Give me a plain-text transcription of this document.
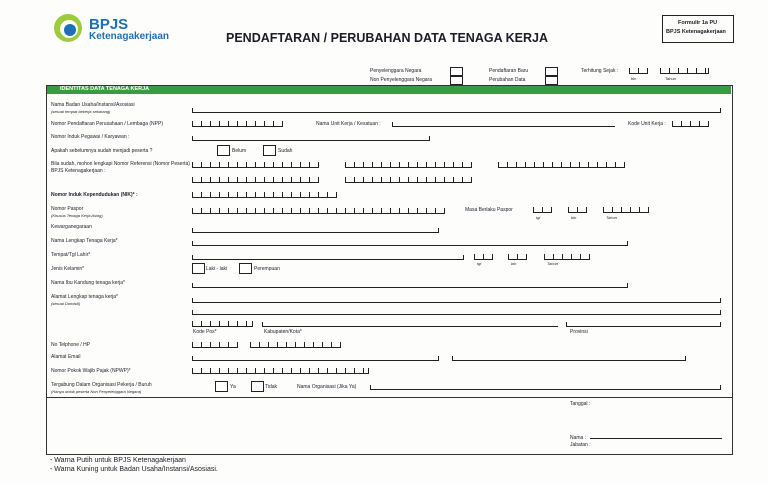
BPJS
Ketenagakerjaan	PENDAFTARAN / PERUBAHAN DATA TENAGA KERJA
Formulir 1a PU
BPJS Ketenagakerjaan
Penyelenggara Negara
Non Penyelenggara Negara
Pendaftaran Baru
Perubahan Data
Terhitung Sejak :
bln	Tahun
IDENTITAS DATA TENAGA KERJA
Nama Badan Usaha/Instansi/Asosiasi
(sesuai tempat bekerja sekarang)
Nomor Pendaftaran Perusahaan / Lembaga (NPP)	Nama Unit Kerja / Kesatuan :	Kode Unit Kerja :
Nomor Induk Pegawai / Karyawan :
Apakah sebelumnya sudah menjadi peserta ?	Belum	Sudah
Bila sudah, mohon lengkapi Nomor Referensi (Nomor Peserta) BPJS Ketenagakerjaan :
Nomor Induk Kependudukan (NIK)* :
Nomor Paspor
(Khusus Tenaga Kerja Asing)
Masa Berlaku Paspor
tgl	bln	Tahun
Kewarganegaraan
Nama Lengkap Tenaga Kerja*
Tempat/Tgl Lahir*
tgl	bln	Tahun
Jenis Kelamin*	Laki - laki	Perempuan
Nama Ibu Kandung tenaga kerja*
Alamat Lengkap tenaga kerja*
(sesuai Domisili)
Kode Pos*	Kabupaten/Kota*	Provinsi
No Telphone / HP
Alamat Email
Nomor Pokok Wajib Pajak (NPWP)*
Tergabung Dalam Organisasi Pekerja / Buruh
(Hanya untuk peserta Non Penyelenggara Negara)
Ya	Tidak	Nama Organisasi (Jika Ya)
Tanggal :
Nama :
Jabatan :
- Warna Putih untuk BPJS Ketenagakerjaan
- Warna Kuning untuk Badan Usaha/Instansi/Asosiasi.
